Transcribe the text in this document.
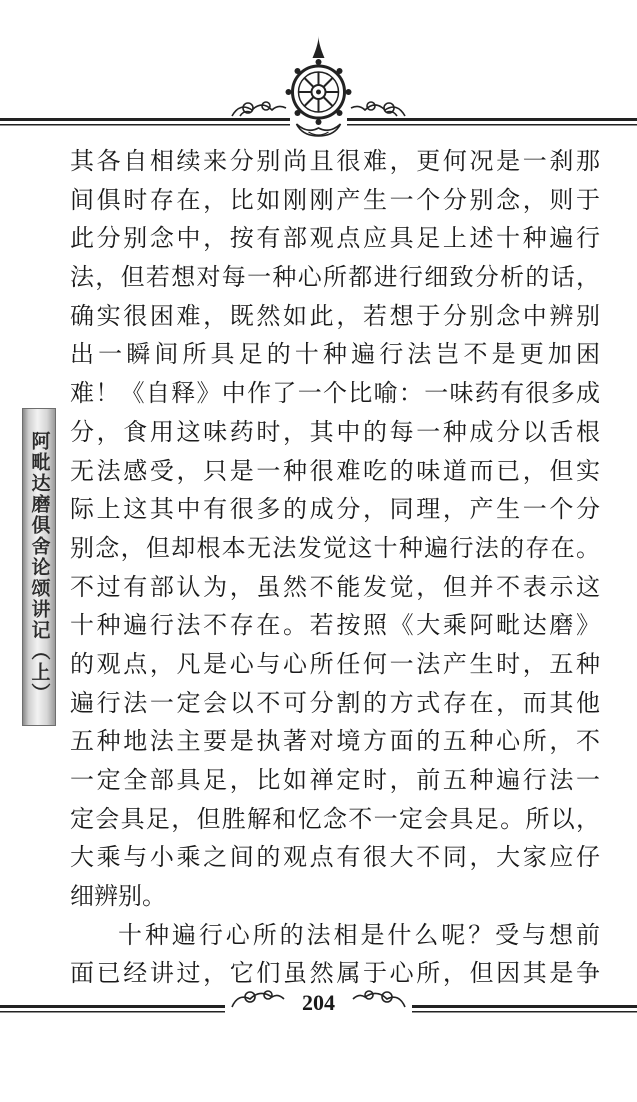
阿毗达磨俱舍论颂讲记（上）
其各自相续来分别尚且很难，更何况是一刹那
间俱时存在，比如刚刚产生一个分别念，则于
此分别念中，按有部观点应具足上述十种遍行
法，但若想对每一种心所都进行细致分析的话，
确实很困难，既然如此，若想于分别念中辨别
出一瞬间所具足的十种遍行法岂不是更加困
难！《自释》中作了一个比喻：一味药有很多成
分，食用这味药时，其中的每一种成分以舌根
无法感受，只是一种很难吃的味道而已，但实
际上这其中有很多的成分，同理，产生一个分
别念，但却根本无法发觉这十种遍行法的存在。
不过有部认为，虽然不能发觉，但并不表示这
十种遍行法不存在。若按照《大乘阿毗达磨》
的观点，凡是心与心所任何一法产生时，五种
遍行法一定会以不可分割的方式存在，而其他
五种地法主要是执著对境方面的五种心所，不
一定全部具足，比如禅定时，前五种遍行法一
定会具足，但胜解和忆念不一定会具足。所以，
大乘与小乘之间的观点有很大不同，大家应仔
细辨别。
十种遍行心所的法相是什么呢？受与想前
面已经讲过，它们虽然属于心所，但因其是争
204
